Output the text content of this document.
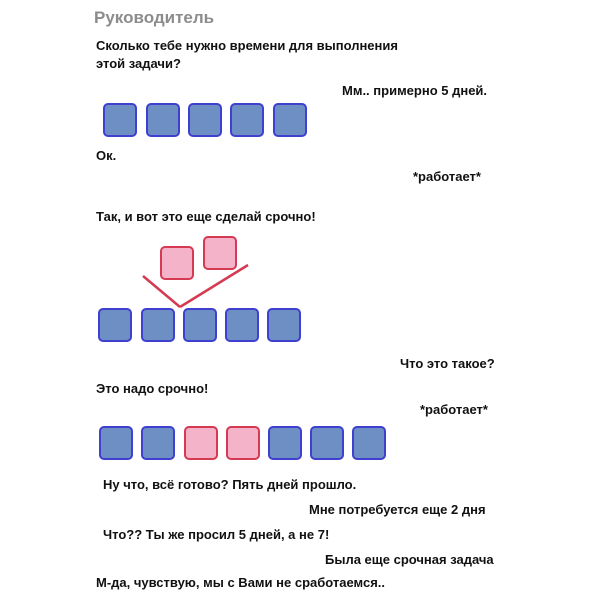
Руководитель
Сколько тебе нужно времени для выполнения
этой задачи?
Мм.. примерно 5 дней.
Ок.
*работает*
Так, и вот это еще сделай срочно!
Что это такое?
Это надо срочно!
*работает*
Ну что, всё готово? Пять дней прошло.
Мне потребуется еще 2 дня
Что?? Ты же просил 5 дней, а не 7!
Была еще срочная задача
М-да, чувствую, мы с Вами не сработаемся..
